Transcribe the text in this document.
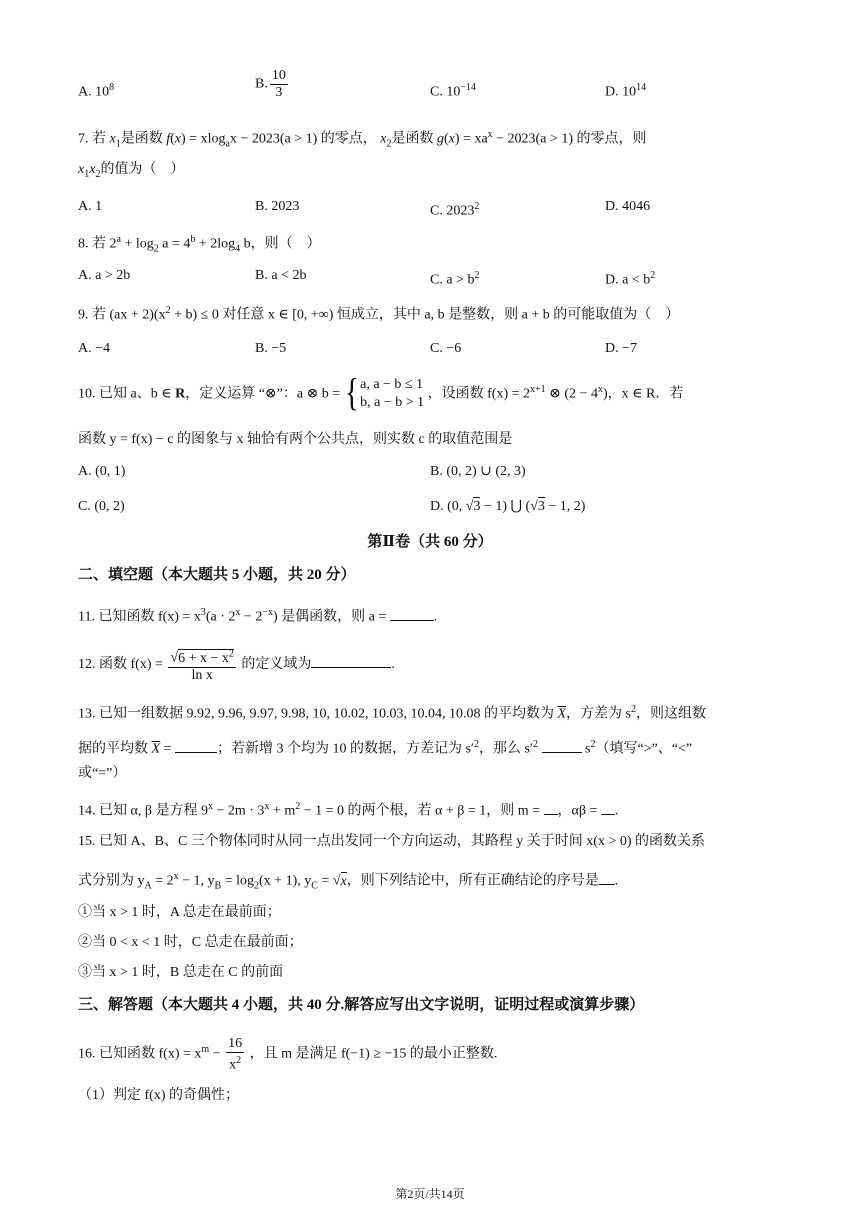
A. $10^8$	B. $\frac{10}{3}$	C. $10^{-14}$	D. $10^{14}$
7. 若 $x_1$是函数 f(x) = xlog$_a$x − 2023(a > 1) 的零点， $x_2$是函数 $g(x) = xa^x - 2023(a > 1)$ 的零点，则
$x_1x_2$的值为（　）
A. 1	B. 2023	C. 2023$^2$	D. 4046
8. 若 $2^a + \log_2 a = 4^b + 2\log_4$ b，则（　）
A. a > 2b	B. a < 2b	C. $a > b^2$	D. $a < b^2$
9. 若 $(ax + 2)(x^2 + b) \le 0$ 对任意 x ∈ [0, +∞) 恒成立，其中 a, b 是整数，则 a + b 的可能取值为（　）
A. −4	B. −5	C. −6	D. −7
10. 已知 a、b ∈ R，定义运算 “⊗”：a ⊗ b = {a, a − b ≤ 1
b, a − b > 1 ，设函数 $f(x) = 2^{x+1}$ ⊗ $(2 - 4^x)$，x ∈ R．若
函数 y = f(x) − c 的图象与 x 轴恰有两个公共点，则实数 c 的取值范围是
A. (0, 1)	B. (0, 2) ∪ (2, 3)
C. (0, 2)	D. (0, √3 − 1) ⋃ (√3 − 1, 2)
第Ⅱ卷（共 60 分）
二、填空题（本大题共 5 小题，共 20 分）
11. 已知函数 $f(x) = x^3(a \cdot 2^x - 2^{-x})$ 是偶函数，则 a =	.
12. 函数 $f(x) = \frac{√6 + x - x^2}{\text{ln x}}$ 的定义域为	.
13. 已知一组数据 9.92, 9.96, 9.97, 9.98, 10, 10.02, 10.03, 10.04, 10.08 的平均数为 $\overline{X}$，方差为 $s^2$，则这组数
据的平均数 $\overline{X}$ =	；若新增 3 个均为 10 的数据，方差记为 $s'^2$，那么 $s'^2$	$s^2$（填写“>”、“<”
或“=”）
14. 已知 α, β 是方程 $9^x - 2m \cdot 3^x + m^2 - 1 = 0$ 的两个根，若 α + β = 1，则 m = ，αβ = .
15. 已知 A、B、C 三个物体同时从同一点出发同一个方向运动，其路程 y 关于时间 x(x > 0) 的函数关系
式分别为 $y_A = 2^x - 1$, $y_B = \log_2(x + 1)$, $y_C = √x$，则下列结论中，所有正确结论的序号是 .
①当 x > 1 时，A 总走在最前面；
②当 0 < x < 1 时，C 总走在最前面；
③当 x > 1 时，B 总走在 C 的前面
三、解答题（本大题共 4 小题，共 40 分.解答应写出文字说明，证明过程或演算步骤）
16. 已知函数 $f(x) = x^m - \frac{16}{x^2}$ ，且 m 是满足 f(−1) ≥ −15 的最小正整数.
（1）判定 f(x) 的奇偶性；
第2页/共14页
